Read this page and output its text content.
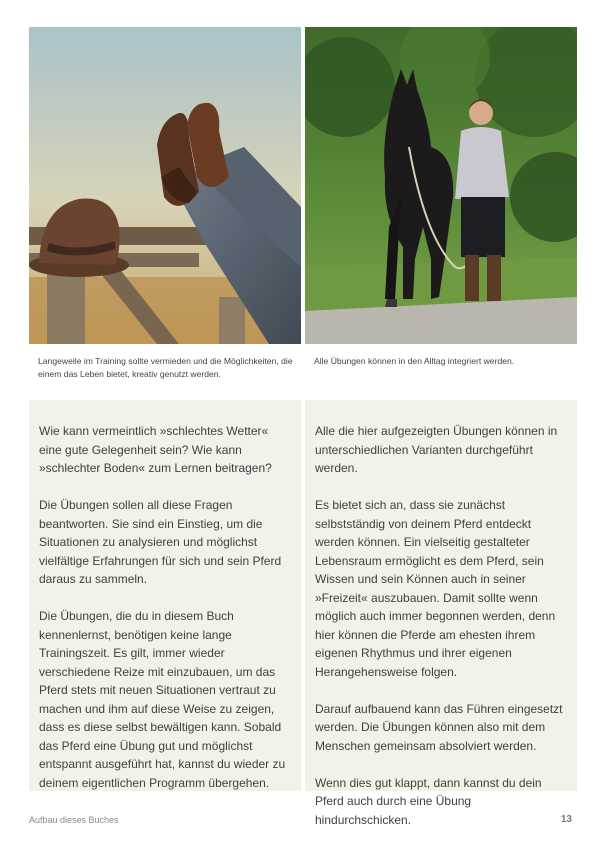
Langeweile im Training sollte vermieden und die Möglichkeiten, die einem das Leben bietet, kreativ genutzt werden.
Alle Übungen können in den Alltag integriert werden.

Wie kann vermeintlich »schlechtes Wetter« eine gute Gelegenheit sein? Wie kann »schlechter Boden« zum Lernen beitragen?

Die Übungen sollen all diese Fragen beantworten. Sie sind ein Einstieg, um die Situationen zu analysieren und möglichst vielfältige Erfahrungen für sich und sein Pferd daraus zu sammeln.

Die Übungen, die du in diesem Buch kennenlernst, benötigen keine lange Trainingszeit. Es gilt, immer wieder verschiedene Reize mit einzubauen, um das Pferd stets mit neuen Situationen vertraut zu machen und ihm auf diese Weise zu zeigen, dass es diese selbst bewältigen kann. Sobald das Pferd eine Übung gut und möglichst entspannt ausgeführt hat, kannst du wieder zu deinem eigentlichen Programm übergehen.

Alle die hier aufgezeigten Übungen können in unterschiedlichen Varianten durchgeführt werden.

Es bietet sich an, dass sie zunächst selbstständig von deinem Pferd entdeckt werden können. Ein vielseitig gestalteter Lebensraum ermöglicht es dem Pferd, sein Wissen und sein Können auch in seiner »Freizeit« auszubauen. Damit sollte wenn möglich auch immer begonnen werden, denn hier können die Pferde am ehesten ihrem eigenen Rhythmus und ihrer eigenen Herangehensweise folgen.

Darauf aufbauend kann das Führen eingesetzt werden. Die Übungen können also mit dem Menschen gemeinsam absolviert werden.

Wenn dies gut klappt, dann kannst du dein Pferd auch durch eine Übung hindurchschicken.

Aufbau dieses Buches	13
